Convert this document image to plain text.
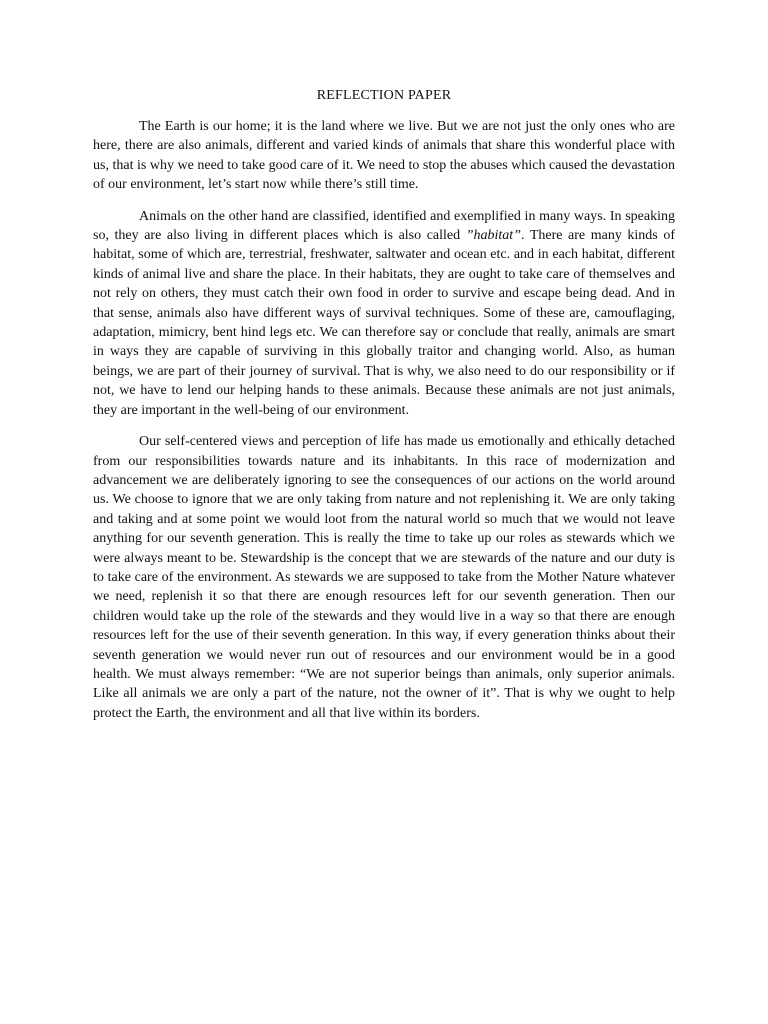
REFLECTION PAPER

The Earth is our home; it is the land where we live. But we are not just the only ones who are here, there are also animals, different and varied kinds of animals that share this wonderful place with us, that is why we need to take good care of it. We need to stop the abuses which caused the devastation of our environment, let’s start now while there’s still time.

Animals on the other hand are classified, identified and exemplified in many ways. In speaking so, they are also living in different places which is also called ”habitat”. There are many kinds of habitat, some of which are, terrestrial, freshwater, saltwater and ocean etc. and in each habitat, different kinds of animal live and share the place. In their habitats, they are ought to take care of themselves and not rely on others, they must catch their own food in order to survive and escape being dead. And in that sense, animals also have different ways of survival techniques. Some of these are, camouflaging, adaptation, mimicry, bent hind legs etc. We can therefore say or conclude that really, animals are smart in ways they are capable of surviving in this globally traitor and changing world. Also, as human beings, we are part of their journey of survival. That is why, we also need to do our responsibility or if not, we have to lend our helping hands to these animals. Because these animals are not just animals, they are important in the well-being of our environment.

Our self-centered views and perception of life has made us emotionally and ethically detached from our responsibilities towards nature and its inhabitants. In this race of modernization and advancement we are deliberately ignoring to see the consequences of our actions on the world around us. We choose to ignore that we are only taking from nature and not replenishing it. We are only taking and taking and at some point we would loot from the natural world so much that we would not leave anything for our seventh generation. This is really the time to take up our roles as stewards which we were always meant to be. Stewardship is the concept that we are stewards of the nature and our duty is to take care of the environment. As stewards we are supposed to take from the Mother Nature whatever we need, replenish it so that there are enough resources left for our seventh generation. Then our children would take up the role of the stewards and they would live in a way so that there are enough resources left for the use of their seventh generation. In this way, if every generation thinks about their seventh generation we would never run out of resources and our environment would be in a good health. We must always remember: “We are not superior beings than animals, only superior animals. Like all animals we are only a part of the nature, not the owner of it”. That is why we ought to help protect the Earth, the environment and all that live within its borders.
